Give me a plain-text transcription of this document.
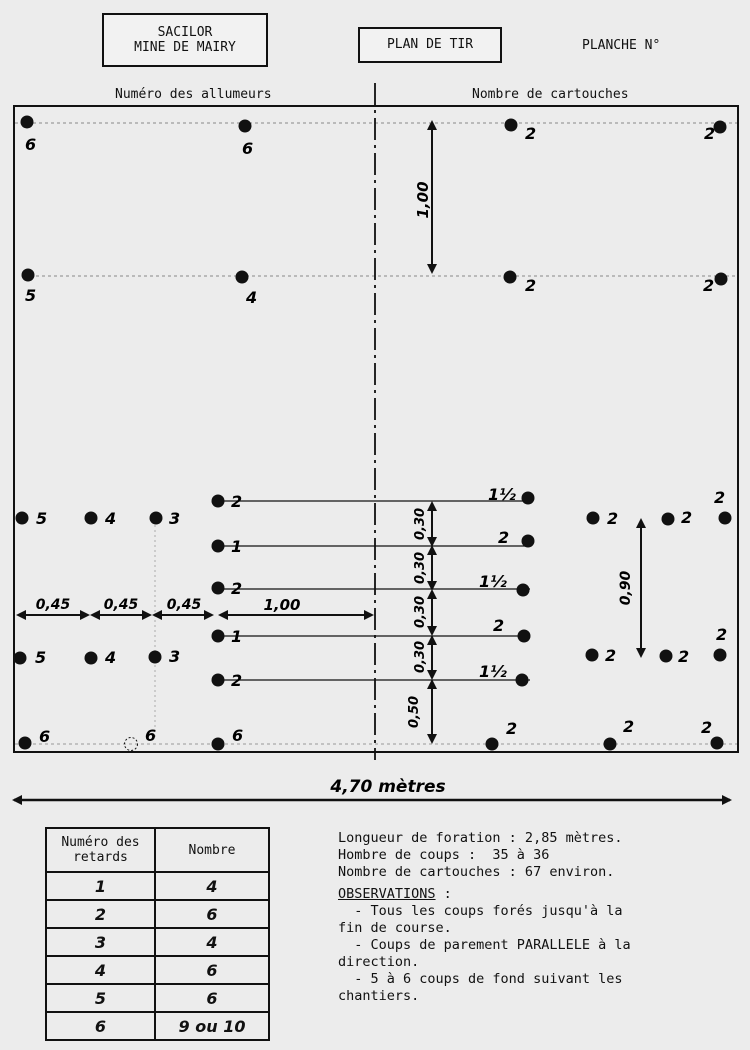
SACILOR
MINE DE MAIRY	PLAN DE TIR	PLANCHE N°
Numéro des allumeurs	Nombre de cartouches
1,00
0,30
0,30
0,30
0,30
0,50
0,90
0,45 0,45 0,45	1,00
4,70 mètres
6	6
2	2
5	4
2	2
5	4	3
2
1
2
1
2
1½
2
1½
2
1½
2	2
2
5	4	3	2	2
2
6	6	6	2	2	2
Numéro des
retards	Nombre
1	4
2	6
3	4
4	6
5	6
6	9 ou 10
Longueur de foration : 2,85 mètres.
Hombre de coups :  35 à 36
Nombre de cartouches : 67 environ.
OBSERVATIONS :
- Tous les coups forés jusqu'à la
fin de course.
- Coups de parement PARALLELE à la
direction.
- 5 à 6 coups de fond suivant les
chantiers.
